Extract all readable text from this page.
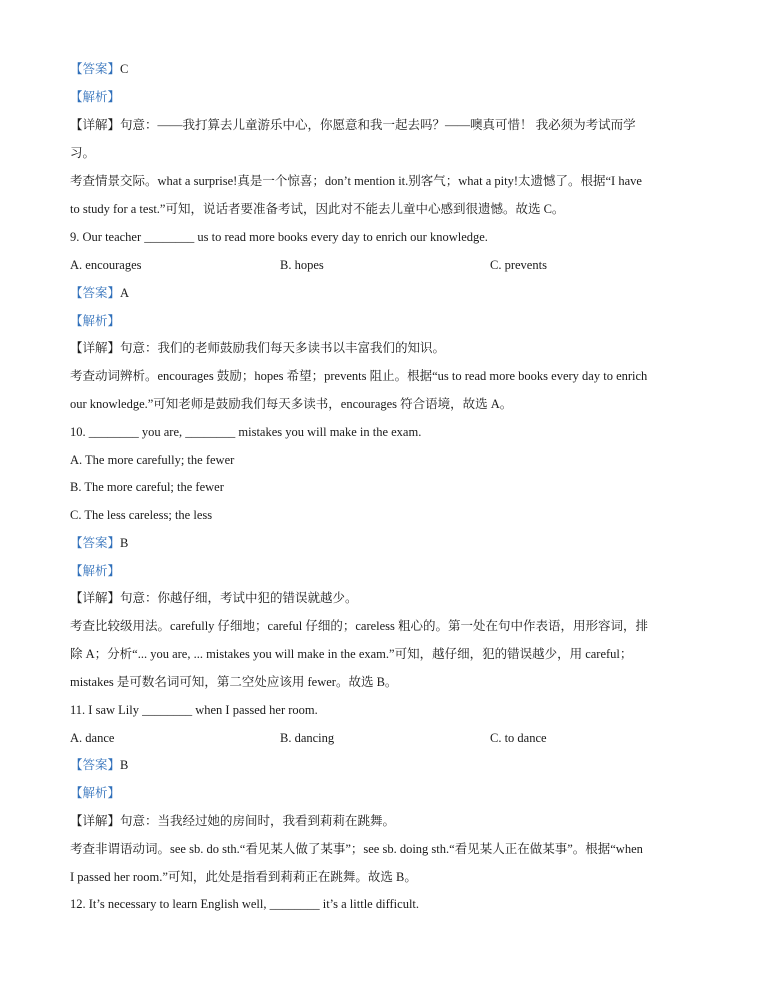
【答案】C
【解析】
【详解】句意：——我打算去儿童游乐中心，你愿意和我一起去吗？——噢真可惜！ 我必须为考试而学
习。
考查情景交际。what a surprise!真是一个惊喜；don’t mention it.别客气；what a pity!太遗憾了。根据“I have
to study for a test.”可知，说话者要准备考试，因此对不能去儿童中心感到很遗憾。故选 C。
9. Our teacher ________ us to read more books every day to enrich our knowledge.
A. encourages	B. hopes	C. prevents
【答案】A
【解析】
【详解】句意：我们的老师鼓励我们每天多读书以丰富我们的知识。
考查动词辨析。encourages 鼓励；hopes 希望；prevents 阻止。根据“us to read more books every day to enrich
our knowledge.”可知老师是鼓励我们每天多读书，encourages 符合语境，故选 A。
10. ________ you are, ________ mistakes you will make in the exam.
A. The more carefully; the fewer
B. The more careful; the fewer
C. The less careless; the less
【答案】B
【解析】
【详解】句意：你越仔细，考试中犯的错误就越少。
考查比较级用法。carefully 仔细地；careful 仔细的；careless 粗心的。第一处在句中作表语，用形容词，排
除 A；分析“... you are, ... mistakes you will make in the exam.”可知，越仔细，犯的错误越少，用 careful；
mistakes 是可数名词可知，第二空处应该用 fewer。故选 B。
11. I saw Lily ________ when I passed her room.
A. dance	B. dancing	C. to dance
【答案】B
【解析】
【详解】句意：当我经过她的房间时，我看到莉莉在跳舞。
考查非谓语动词。see sb. do sth.“看见某人做了某事”；see sb. doing sth.“看见某人正在做某事”。根据“when
I passed her room.”可知，此处是指看到莉莉正在跳舞。故选 B。
12. It’s necessary to learn English well, ________ it’s a little difficult.
